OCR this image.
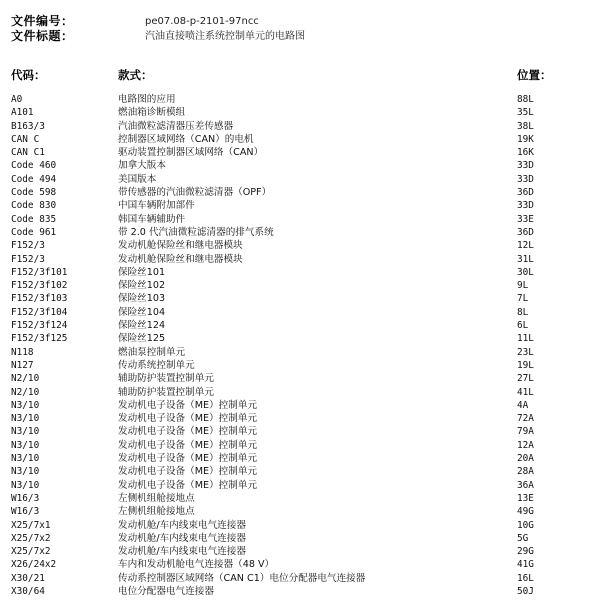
文件编号：	pe07.08-p-2101-97ncc
文件标题：	汽油直接喷注系统控制单元的电路图
代码：	款式：	位置：
A0	电路图的应用	88L
A101	燃油箱诊断模组	35L
B163/3	汽油微粒滤清器压差传感器	38L
CAN C	控制器区域网络（CAN）的电机	19K
CAN C1	驱动装置控制器区域网络（CAN）	16K
Code 460	加拿大版本	33D
Code 494	美国版本	33D
Code 598	带传感器的汽油微粒滤清器（OPF）	36D
Code 830	中国车辆附加部件	33D
Code 835	韩国车辆辅助件	33E
Code 961	带 2.0 代汽油微粒滤清器的排气系统	36D
F152/3	发动机舱保险丝和继电器模块	12L
F152/3	发动机舱保险丝和继电器模块	31L
F152/3f101	保险丝101	30L
F152/3f102	保险丝102	9L
F152/3f103	保险丝103	7L
F152/3f104	保险丝104	8L
F152/3f124	保险丝124	6L
F152/3f125	保险丝125	11L
N118	燃油泵控制单元	23L
N127	传动系统控制单元	19L
N2/10	辅助防护装置控制单元	27L
N2/10	辅助防护装置控制单元	41L
N3/10	发动机电子设备（ME）控制单元	4A
N3/10	发动机电子设备（ME）控制单元	72A
N3/10	发动机电子设备（ME）控制单元	79A
N3/10	发动机电子设备（ME）控制单元	12A
N3/10	发动机电子设备（ME）控制单元	20A
N3/10	发动机电子设备（ME）控制单元	28A
N3/10	发动机电子设备（ME）控制单元	36A
W16/3	左侧机组舱接地点	13E
W16/3	左侧机组舱接地点	49G
X25/7x1	发动机舱/车内线束电气连接器	10G
X25/7x2	发动机舱/车内线束电气连接器	5G
X25/7x2	发动机舱/车内线束电气连接器	29G
X26/24x2	车内和发动机舱电气连接器（48 V）	41G
X30/21	传动系控制器区域网络（CAN C1）电位分配器电气连接器	16L
X30/64	电位分配器电气连接器	50J
